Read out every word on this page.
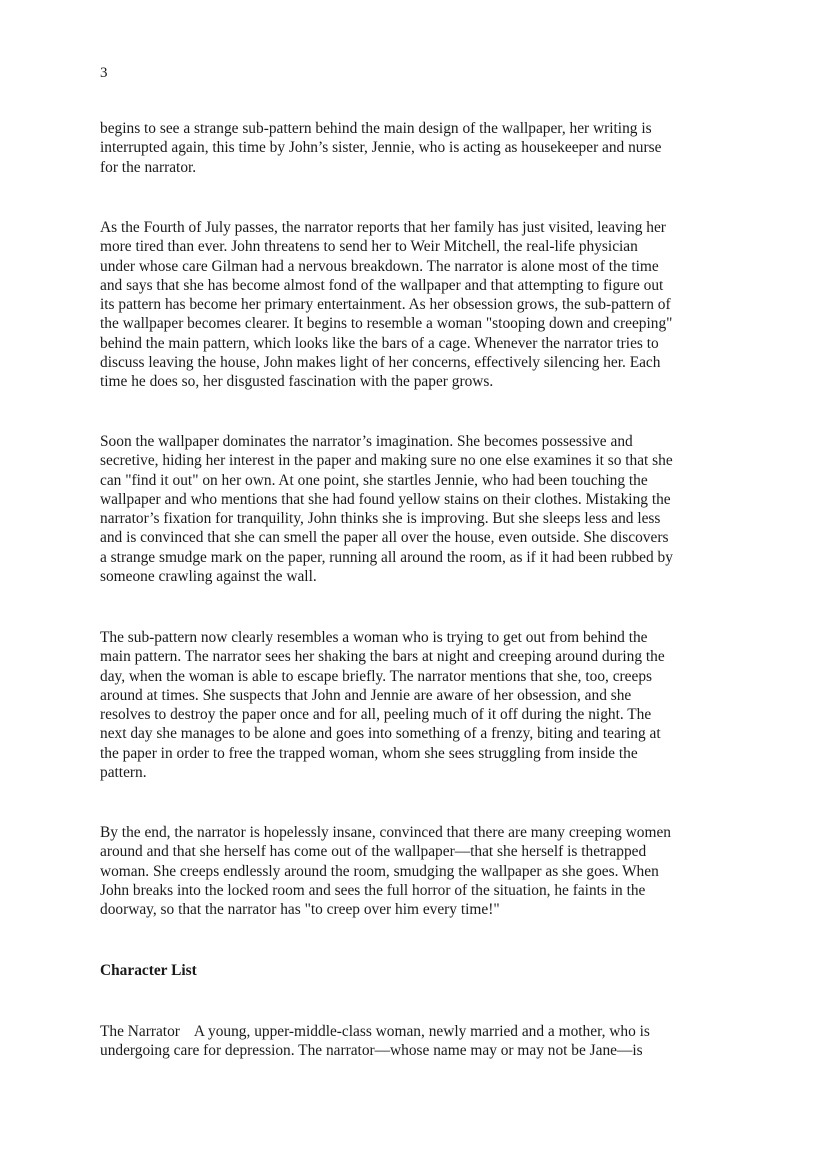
3
begins to see a strange sub-pattern behind the main design of the wallpaper, her writing is
interrupted again, this time by John’s sister, Jennie, who is acting as housekeeper and nurse
for the narrator.
As the Fourth of July passes, the narrator reports that her family has just visited, leaving her
more tired than ever. John threatens to send her to Weir Mitchell, the real-life physician
under whose care Gilman had a nervous breakdown. The narrator is alone most of the time
and says that she has become almost fond of the wallpaper and that attempting to figure out
its pattern has become her primary entertainment. As her obsession grows, the sub-pattern of
the wallpaper becomes clearer. It begins to resemble a woman "stooping down and creeping"
behind the main pattern, which looks like the bars of a cage. Whenever the narrator tries to
discuss leaving the house, John makes light of her concerns, effectively silencing her. Each
time he does so, her disgusted fascination with the paper grows.
Soon the wallpaper dominates the narrator’s imagination. She becomes possessive and
secretive, hiding her interest in the paper and making sure no one else examines it so that she
can "find it out" on her own. At one point, she startles Jennie, who had been touching the
wallpaper and who mentions that she had found yellow stains on their clothes. Mistaking the
narrator’s fixation for tranquility, John thinks she is improving. But she sleeps less and less
and is convinced that she can smell the paper all over the house, even outside. She discovers
a strange smudge mark on the paper, running all around the room, as if it had been rubbed by
someone crawling against the wall.
The sub-pattern now clearly resembles a woman who is trying to get out from behind the
main pattern. The narrator sees her shaking the bars at night and creeping around during the
day, when the woman is able to escape briefly. The narrator mentions that she, too, creeps
around at times. She suspects that John and Jennie are aware of her obsession, and she
resolves to destroy the paper once and for all, peeling much of it off during the night. The
next day she manages to be alone and goes into something of a frenzy, biting and tearing at
the paper in order to free the trapped woman, whom she sees struggling from inside the
pattern.
By the end, the narrator is hopelessly insane, convinced that there are many creeping women
around and that she herself has come out of the wallpaper—that she herself is thetrapped
woman. She creeps endlessly around the room, smudging the wallpaper as she goes. When
John breaks into the locked room and sees the full horror of the situation, he faints in the
doorway, so that the narrator has "to creep over him every time!"
Character List
The Narrator A young, upper-middle-class woman, newly married and a mother, who is
undergoing care for depression. The narrator—whose name may or may not be Jane—is
